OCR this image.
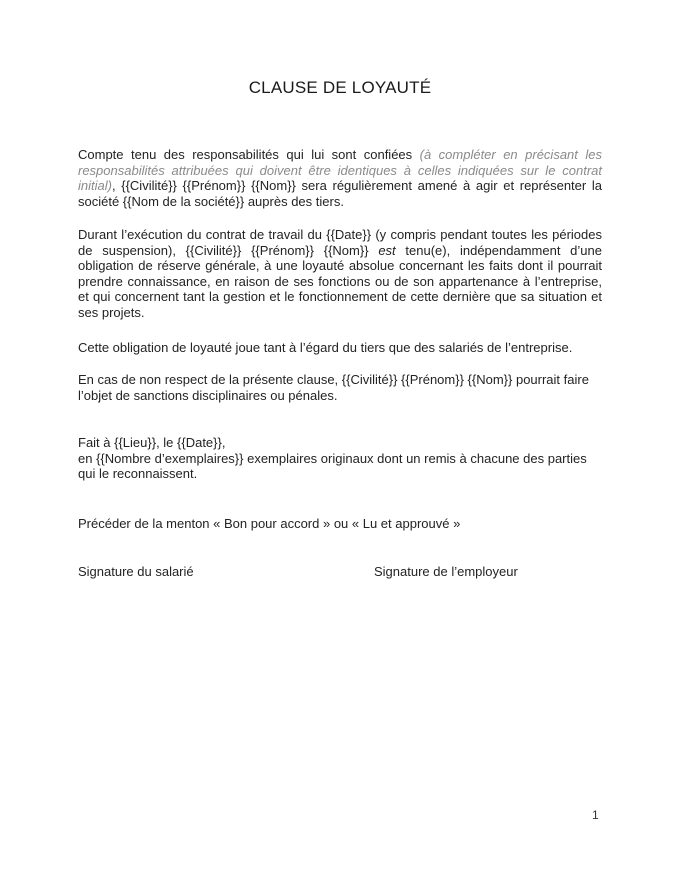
CLAUSE DE LOYAUTÉ

Compte tenu des responsabilités qui lui sont confiées (à compléter en précisant les responsabilités attribuées qui doivent être identiques à celles indiquées sur le contrat initial), {{Civilité}} {{Prénom}} {{Nom}} sera régulièrement amené à agir et représenter la société {{Nom de la société}} auprès des tiers.

Durant l’exécution du contrat de travail du {{Date}} (y compris pendant toutes les périodes de suspension), {{Civilité}} {{Prénom}} {{Nom}} est tenu(e), indépendamment d’une obligation de réserve générale, à une loyauté absolue concernant les faits dont il pourrait prendre connaissance, en raison de ses fonctions ou de son appartenance à l’entreprise, et qui concernent tant la gestion et le fonctionnement de cette dernière que sa situation et ses projets.

Cette obligation de loyauté joue tant à l’égard du tiers que des salariés de l’entreprise.

En cas de non respect de la présente clause, {{Civilité}} {{Prénom}} {{Nom}} pourrait faire l’objet de sanctions disciplinaires ou pénales.

Fait à {{Lieu}}, le {{Date}},

en {{Nombre d’exemplaires}} exemplaires originaux dont un remis à chacune des parties qui le reconnaissent.

Précéder de la menton « Bon pour accord » ou « Lu et approuvé »

Signature du salarié	Signature de l’employeur
1
